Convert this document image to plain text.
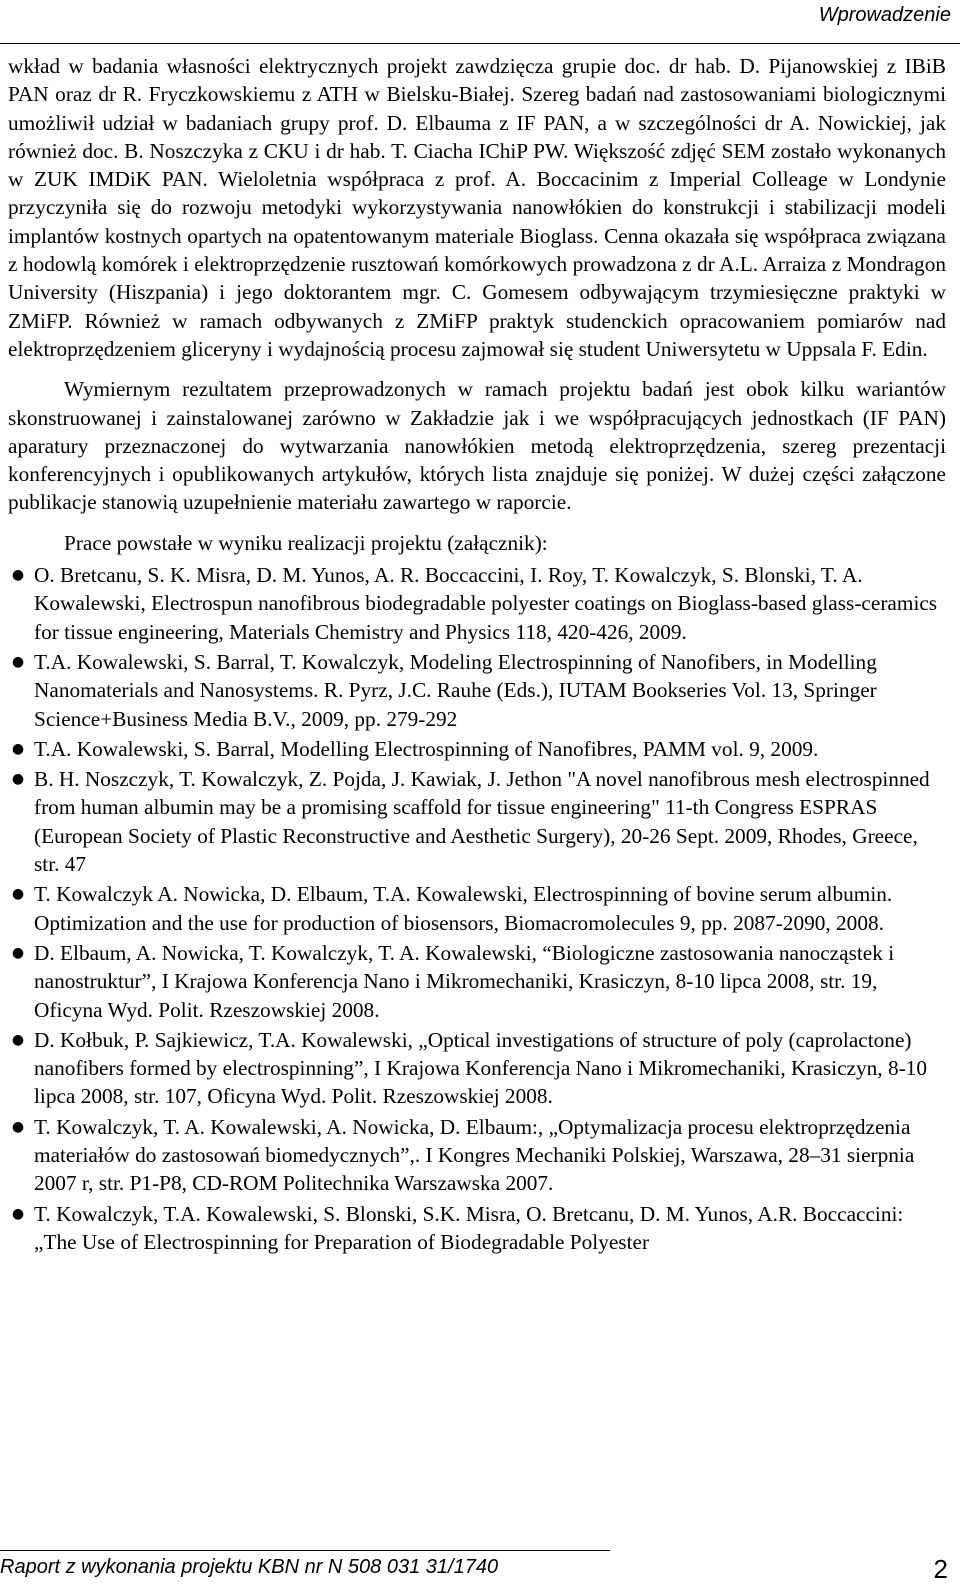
Wprowadzenie

wkład w badania własności elektrycznych projekt zawdzięcza grupie doc. dr hab. D. Pijanowskiej z IBiB PAN oraz dr R. Fryczkowskiemu z ATH w Bielsku-Białej. Szereg badań nad zastosowaniami biologicznymi umożliwił udział w badaniach grupy prof. D. Elbauma z IF PAN, a w szczególności dr A. Nowickiej, jak również doc. B. Noszczyka z CKU i dr hab. T. Ciacha IChiP PW. Większość zdjęć SEM zostało wykonanych w ZUK IMDiK PAN. Wieloletnia współpraca z prof. A. Boccacinim z Imperial Colleage w Londynie przyczyniła się do rozwoju metodyki wykorzystywania nanowłókien do konstrukcji i stabilizacji modeli implantów kostnych opartych na opatentowanym materiale Bioglass. Cenna okazała się współpraca związana z hodowlą komórek i elektroprzędzenie rusztowań komórkowych prowadzona z dr A.L. Arraiza z Mondragon University (Hiszpania) i jego doktorantem mgr. C. Gomesem odbywającym trzymiesięczne praktyki w ZMiFP. Również w ramach odbywanych z ZMiFP praktyk studenckich opracowaniem pomiarów nad elektroprzędzeniem gliceryny i wydajnością procesu zajmował się student Uniwersytetu w Uppsala F. Edin.

Wymiernym rezultatem przeprowadzonych w ramach projektu badań jest obok kilku wariantów skonstruowanej i zainstalowanej zarówno w Zakładzie jak i we współpracujących jednostkach (IF PAN) aparatury przeznaczonej do wytwarzania nanowłókien metodą elektroprzędzenia, szereg prezentacji konferencyjnych i opublikowanych artykułów, których lista znajduje się poniżej. W dużej części załączone publikacje stanowią uzupełnienie materiału zawartego w raporcie.

Prace powstałe w wyniku realizacji projektu (załącznik):

● O. Bretcanu, S. K. Misra, D. M. Yunos, A. R. Boccaccini, I. Roy, T. Kowalczyk, S. Blonski, T. A. Kowalewski, Electrospun nanofibrous biodegradable polyester coatings on Bioglass-based glass-ceramics for tissue engineering, Materials Chemistry and Physics 118, 420-426, 2009.
● T.A. Kowalewski, S. Barral, T. Kowalczyk, Modeling Electrospinning of Nanofibers, in Modelling Nanomaterials and Nanosystems. R. Pyrz, J.C. Rauhe (Eds.), IUTAM Bookseries Vol. 13, Springer Science+Business Media B.V., 2009, pp. 279-292
● T.A. Kowalewski, S. Barral, Modelling Electrospinning of Nanofibres, PAMM vol. 9, 2009.
● B. H. Noszczyk, T. Kowalczyk, Z. Pojda, J. Kawiak, J. Jethon "A novel nanofibrous mesh electrospinned from human albumin may be a promising scaffold for tissue engineering" 11-th Congress ESPRAS (European Society of Plastic Reconstructive and Aesthetic Surgery), 20-26 Sept. 2009, Rhodes, Greece, str. 47
● T. Kowalczyk A. Nowicka, D. Elbaum, T.A. Kowalewski, Electrospinning of bovine serum albumin. Optimization and the use for production of biosensors, Biomacromolecules 9, pp. 2087-2090, 2008.
● D. Elbaum, A. Nowicka, T. Kowalczyk, T. A. Kowalewski, “Biologiczne zastosowania nanocząstek i nanostruktur”, I Krajowa Konferencja Nano i Mikromechaniki, Krasiczyn, 8-10 lipca 2008, str. 19, Oficyna Wyd. Polit. Rzeszowskiej 2008.
● D. Kołbuk, P. Sajkiewicz, T.A. Kowalewski, „Optical investigations of structure of poly (caprolactone) nanofibers formed by electrospinning”, I Krajowa Konferencja Nano i Mikromechaniki, Krasiczyn, 8-10 lipca 2008, str. 107, Oficyna Wyd. Polit. Rzeszowskiej 2008.
● T. Kowalczyk, T. A. Kowalewski, A. Nowicka, D. Elbaum:, „Optymalizacja procesu elektroprzędzenia materiałów do zastosowań biomedycznych”,. I Kongres Mechaniki Polskiej, Warszawa, 28–31 sierpnia 2007 r, str. P1-P8, CD-ROM Politechnika Warszawska 2007.
● T. Kowalczyk, T.A. Kowalewski, S. Blonski, S.K. Misra, O. Bretcanu, D. M. Yunos, A.R. Boccaccini: „The Use of Electrospinning for Preparation of Biodegradable Polyester
Raport z wykonania projektu KBN nr N 508 031 31/1740	2
